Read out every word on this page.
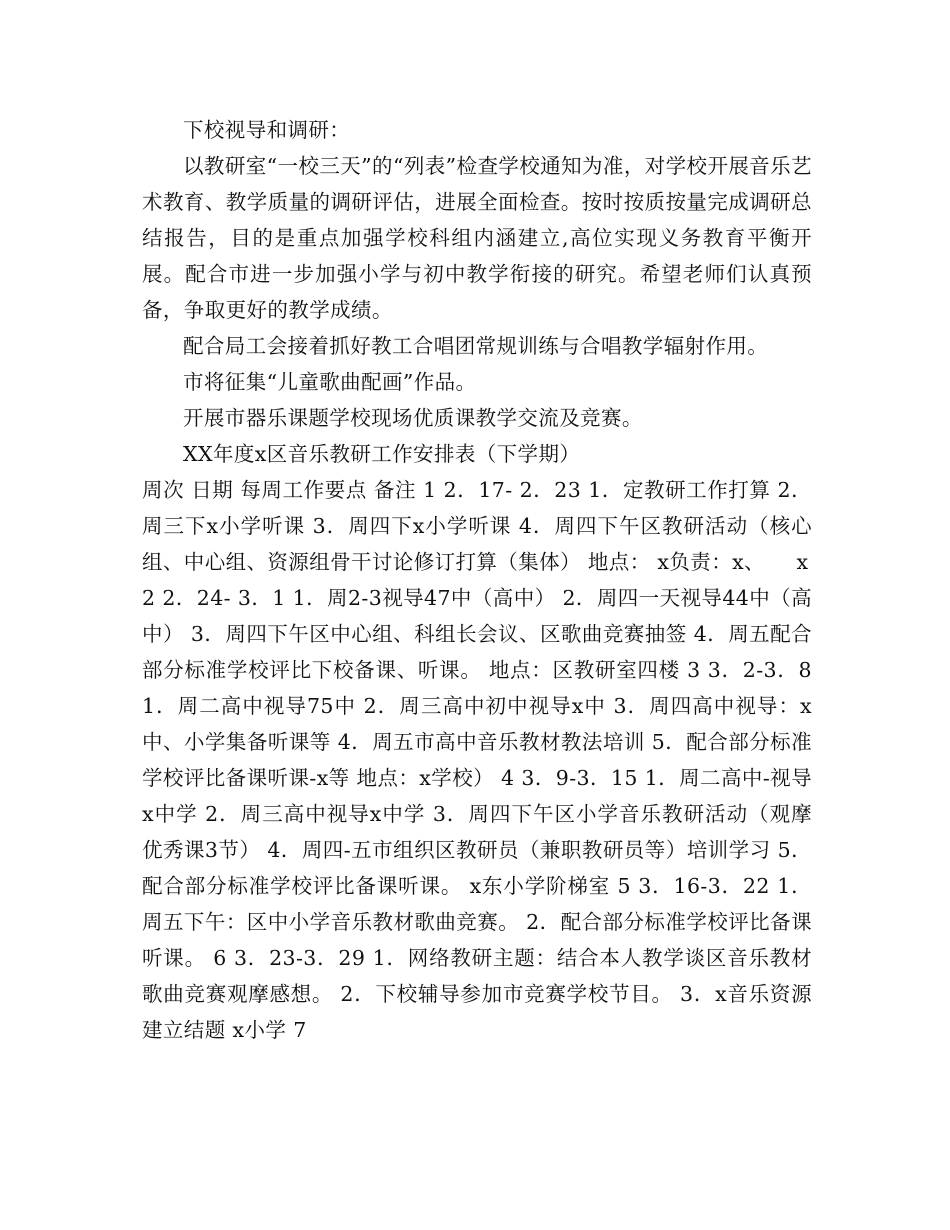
下校视导和调研：

以教研室“一校三天”的“列表”检查学校通知为准，对学校开展音乐艺术教育、教学质量的调研评估，进展全面检查。按时按质按量完成调研总结报告，目的是重点加强学校科组内涵建立,高位实现义务教育平衡开展。配合市进一步加强小学与初中教学衔接的研究。希望老师们认真预备，争取更好的教学成绩。

配合局工会接着抓好教工合唱团常规训练与合唱教学辐射作用。

市将征集“儿童歌曲配画”作品。

开展市器乐课题学校现场优质课教学交流及竞赛。

XX年度x区音乐教研工作安排表（下学期）

周次 日期 每周工作要点 备注 1 2．17- 2．23 1．定教研工作打算 2．周三下x小学听课 3．周四下x小学听课 4．周四下午区教研活动（核心组、中心组、资源组骨干讨论修订打算（集体） 地点： x负责：x、　　x

2 2．24- 3．1 1．周2-3视导47中（高中） 2．周四一天视导44中（高中） 3．周四下午区中心组、科组长会议、区歌曲竞赛抽签 4．周五配合部分标准学校评比下校备课、听课。 地点：区教研室四楼 3 3．2-3．8 1．周二高中视导75中 2．周三高中初中视导x中 3．周四高中视导：x中、小学集备听课等 4．周五市高中音乐教材教法培训 5．配合部分标准学校评比备课听课-x等 地点：x学校） 4 3．9-3．15 1．周二高中-视导x中学 2．周三高中视导x中学 3．周四下午区小学音乐教研活动（观摩优秀课3节） 4．周四-五市组织区教研员（兼职教研员等）培训学习 5．配合部分标准学校评比备课听课。 x东小学阶梯室 5 3．16-3．22 1．周五下午：区中小学音乐教材歌曲竞赛。 2．配合部分标准学校评比备课听课。 6 3．23-3．29 1．网络教研主题：结合本人教学谈区音乐教材歌曲竞赛观摩感想。 2．下校辅导参加市竞赛学校节目。 3．x音乐资源建立结题 x小学 7
